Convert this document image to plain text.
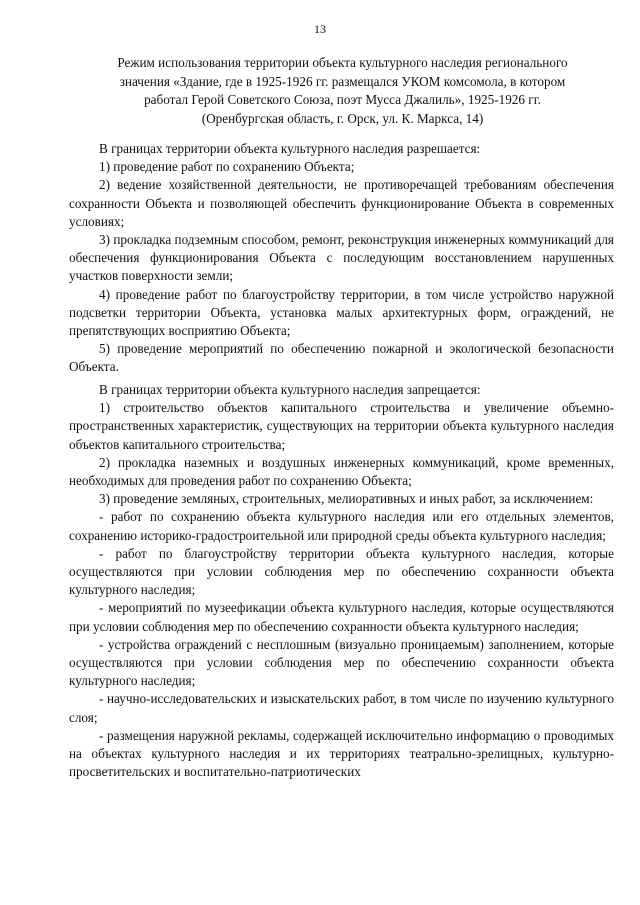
13
Режим использования территории объекта культурного наследия регионального
значения «Здание, где в 1925-1926 гг. размещался УКОМ комсомола, в котором
работал Герой Советского Союза, поэт Мусса Джалиль», 1925-1926 гг.
(Оренбургская область, г. Орск, ул. К. Маркса, 14)

В границах территории объекта культурного наследия разрешается:

1) проведение работ по сохранению Объекта;

2) ведение хозяйственной деятельности, не противоречащей требованиям обеспечения сохранности Объекта и позволяющей обеспечить функционирование Объекта в современных условиях;

3) прокладка подземным способом, ремонт, реконструкция инженерных коммуникаций для обеспечения функционирования Объекта с последующим восстановлением нарушенных участков поверхности земли;

4) проведение работ по благоустройству территории, в том числе устройство наружной подсветки территории Объекта, установка малых архитектурных форм, ограждений, не препятствующих восприятию Объекта;

5) проведение мероприятий по обеспечению пожарной и экологической безопасности Объекта.

В границах территории объекта культурного наследия запрещается:

1) строительство объектов капитального строительства и увеличение объемно-пространственных характеристик, существующих на территории объекта культурного наследия объектов капитального строительства;

2) прокладка наземных и воздушных инженерных коммуникаций, кроме временных, необходимых для проведения работ по сохранению Объекта;

3) проведение земляных, строительных, мелиоративных и иных работ, за исключением:

- работ по сохранению объекта культурного наследия или его отдельных элементов, сохранению историко-градостроительной или природной среды объекта культурного наследия;

- работ по благоустройству территории объекта культурного наследия, которые осуществляются при условии соблюдения мер по обеспечению сохранности объекта культурного наследия;

- мероприятий по музеефикации объекта культурного наследия, которые осуществляются при условии соблюдения мер по обеспечению сохранности объекта культурного наследия;

- устройства ограждений с несплошным (визуально проницаемым) заполнением, которые осуществляются при условии соблюдения мер по обеспечению сохранности объекта культурного наследия;

- научно-исследовательских и изыскательских работ, в том числе по изучению культурного слоя;

- размещения наружной рекламы, содержащей исключительно информацию о проводимых на объектах культурного наследия и их территориях театрально-зрелищных, культурно-просветительских и воспитательно-патриотических
